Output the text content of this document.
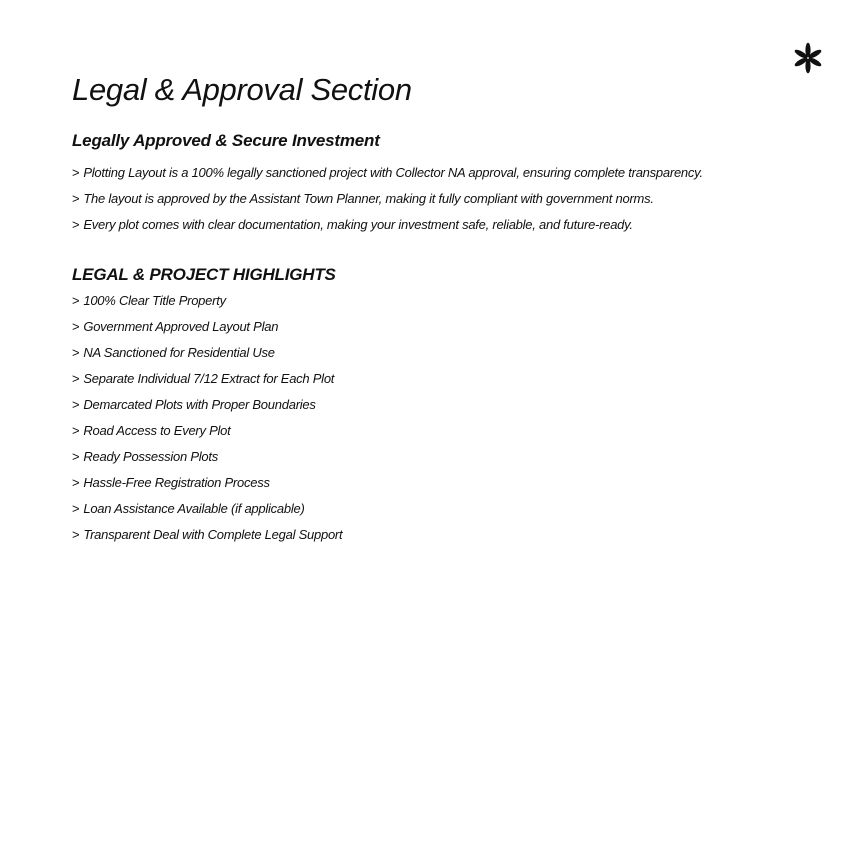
Legal & Approval Section
Legally Approved & Secure Investment
> Plotting Layout is a 100% legally sanctioned project with Collector NA approval, ensuring complete transparency.
> The layout is approved by the Assistant Town Planner, making it fully compliant with government norms.
> Every plot comes with clear documentation, making your investment safe, reliable, and future-ready.
LEGAL & PROJECT HIGHLIGHTS
> 100% Clear Title Property
> Government Approved Layout Plan
> NA Sanctioned for Residential Use
> Separate Individual 7/12 Extract for Each Plot
> Demarcated Plots with Proper Boundaries
> Road Access to Every Plot
> Ready Possession Plots
> Hassle-Free Registration Process
> Loan Assistance Available (if applicable)
> Transparent Deal with Complete Legal Support
